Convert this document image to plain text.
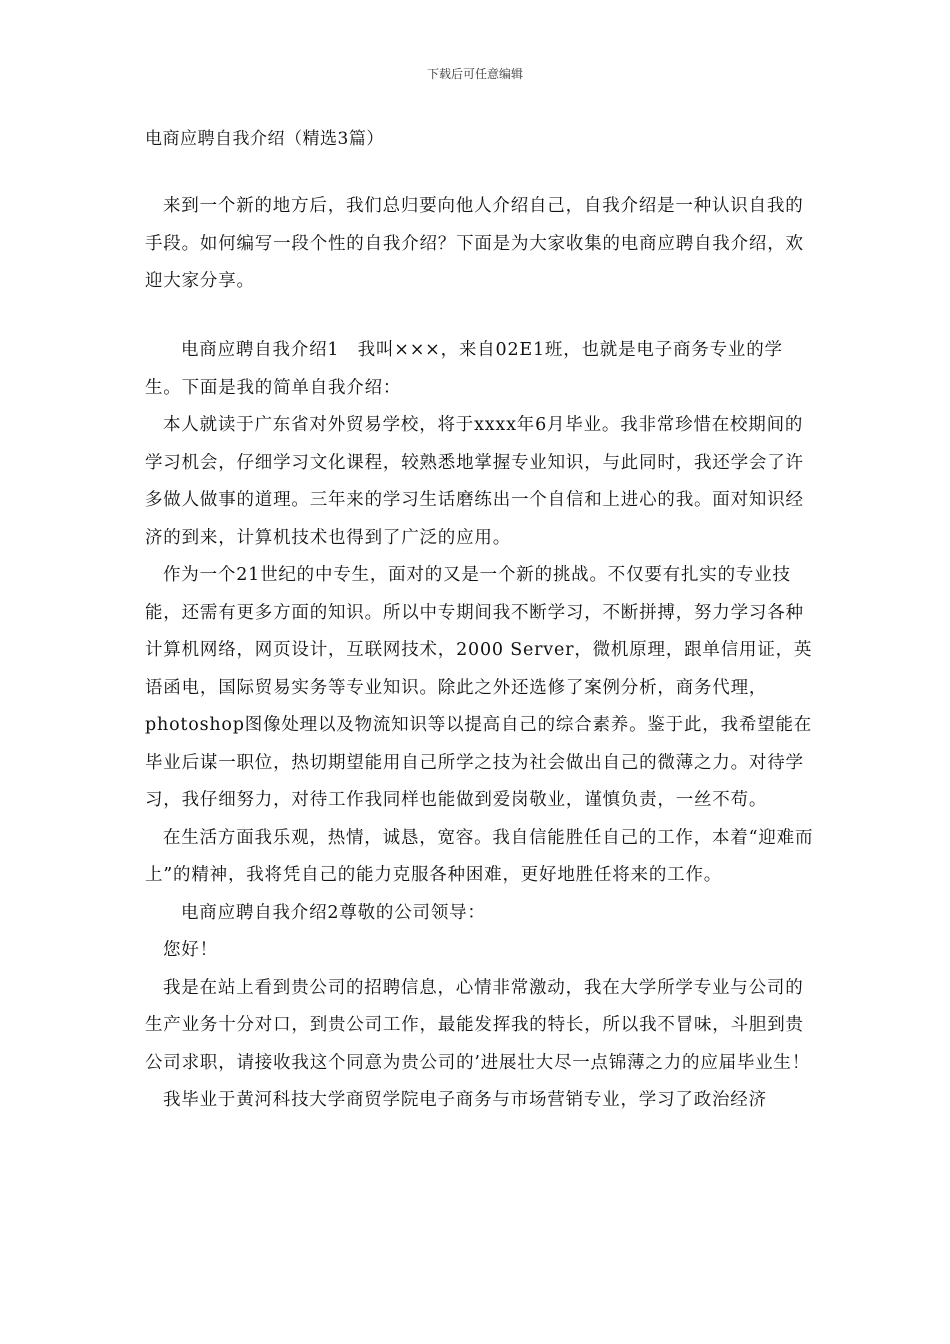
下载后可任意编辑
电商应聘自我介绍（精选3篇）

来到一个新的地方后，我们总归要向他人介绍自己，自我介绍是一种认识自我的手段。如何编写一段个性的自我介绍？下面是为大家收集的电商应聘自我介绍，欢迎大家分享。

电商应聘自我介绍1　我叫×××，来自02E1班，也就是电子商务专业的学生。下面是我的简单自我介绍：

本人就读于广东省对外贸易学校，将于xxxx年6月毕业。我非常珍惜在校期间的学习机会，仔细学习文化课程，较熟悉地掌握专业知识，与此同时，我还学会了许多做人做事的道理。三年来的学习生话磨练出一个自信和上进心的我。面对知识经济的到来，计算机技术也得到了广泛的应用。

作为一个21世纪的中专生，面对的又是一个新的挑战。不仅要有扎实的专业技能，还需有更多方面的知识。所以中专期间我不断学习，不断拼搏，努力学习各种计算机网络，网页设计，互联网技术，2000 Server，微机原理，跟单信用证，英语函电，国际贸易实务等专业知识。除此之外还选修了案例分析，商务代理，photoshop图像处理以及物流知识等以提高自己的综合素养。鉴于此，我希望能在毕业后谋一职位，热切期望能用自己所学之技为社会做出自己的微薄之力。对待学习，我仔细努力，对待工作我同样也能做到爱岗敬业，谨慎负责，一丝不苟。

在生活方面我乐观，热情，诚恳，宽容。我自信能胜任自己的工作，本着“迎难而上”的精神，我将凭自己的能力克服各种困难，更好地胜任将来的工作。

电商应聘自我介绍2尊敬的公司领导：

您好！

我是在站上看到贵公司的招聘信息，心情非常激动，我在大学所学专业与公司的生产业务十分对口，到贵公司工作，最能发挥我的特长，所以我不冒味，斗胆到贵公司求职，请接收我这个同意为贵公司的’进展壮大尽一点锦薄之力的应届毕业生！

我毕业于黄河科技大学商贸学院电子商务与市场营销专业，学习了政治经济
